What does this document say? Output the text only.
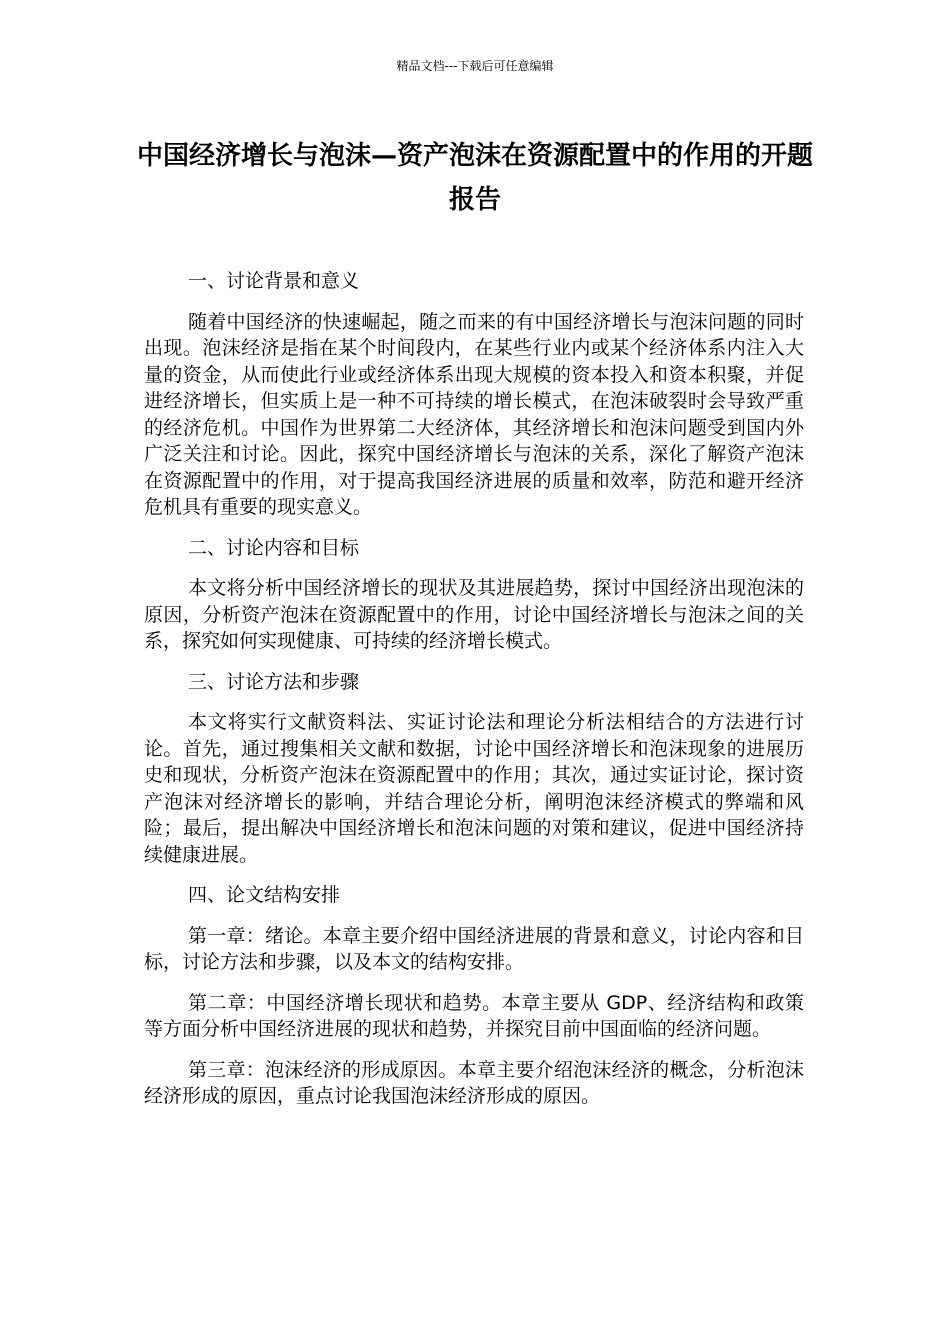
精品文档---下载后可任意编辑
中国经济增长与泡沫—资产泡沫在资源配置中的作用的开题报告

一、讨论背景和意义

随着中国经济的快速崛起，随之而来的有中国经济增长与泡沫问题的同时出现。泡沫经济是指在某个时间段内，在某些行业内或某个经济体系内注入大量的资金，从而使此行业或经济体系出现大规模的资本投入和资本积聚，并促进经济增长，但实质上是一种不可持续的增长模式，在泡沫破裂时会导致严重的经济危机。中国作为世界第二大经济体，其经济增长和泡沫问题受到国内外广泛关注和讨论。因此，探究中国经济增长与泡沫的关系，深化了解资产泡沫在资源配置中的作用，对于提高我国经济进展的质量和效率，防范和避开经济危机具有重要的现实意义。

二、讨论内容和目标

本文将分析中国经济增长的现状及其进展趋势，探讨中国经济出现泡沫的原因，分析资产泡沫在资源配置中的作用，讨论中国经济增长与泡沫之间的关系，探究如何实现健康、可持续的经济增长模式。

三、讨论方法和步骤

本文将实行文献资料法、实证讨论法和理论分析法相结合的方法进行讨论。首先，通过搜集相关文献和数据，讨论中国经济增长和泡沫现象的进展历史和现状，分析资产泡沫在资源配置中的作用；其次，通过实证讨论，探讨资产泡沫对经济增长的影响，并结合理论分析，阐明泡沫经济模式的弊端和风险；最后，提出解决中国经济增长和泡沫问题的对策和建议，促进中国经济持续健康进展。

四、论文结构安排

第一章：绪论。本章主要介绍中国经济进展的背景和意义，讨论内容和目标，讨论方法和步骤，以及本文的结构安排。

第二章：中国经济增长现状和趋势。本章主要从 GDP、经济结构和政策等方面分析中国经济进展的现状和趋势，并探究目前中国面临的经济问题。

第三章：泡沫经济的形成原因。本章主要介绍泡沫经济的概念，分析泡沫经济形成的原因，重点讨论我国泡沫经济形成的原因。
